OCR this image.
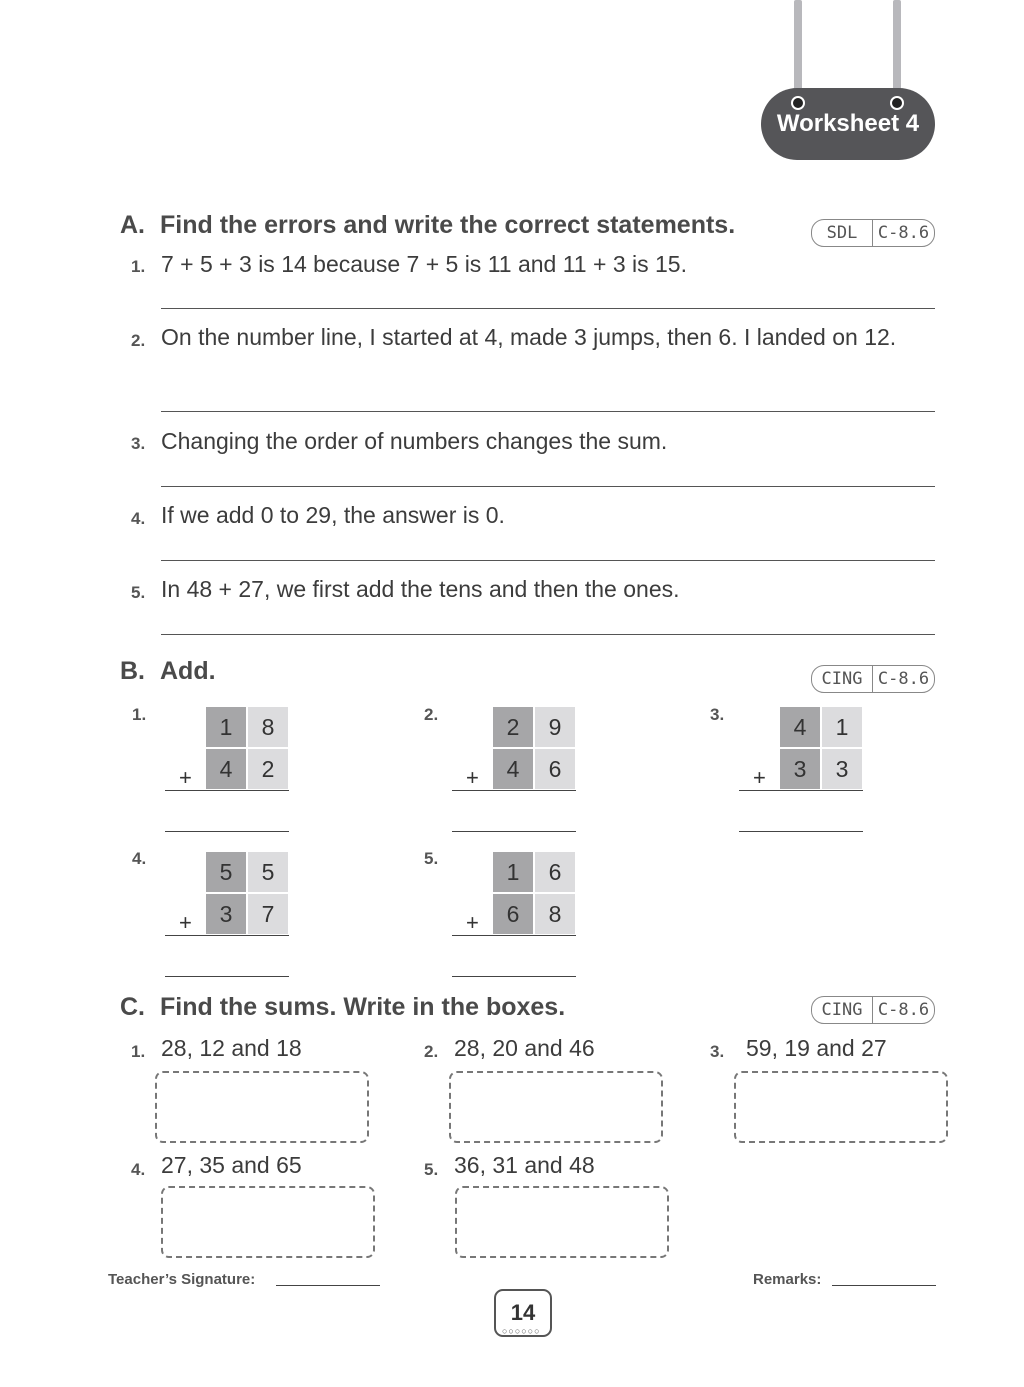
Worksheet 4
A. Find the errors and write the correct statements.	SDL	C-8.6
1. 7 + 5 + 3 is 14 because 7 + 5 is 11 and 11 + 3 is 15.
2. On the number line, I started at 4, made 3 jumps, then 6. I landed on 12.
3. Changing the order of numbers changes the sum.
4. If we add 0 to 29, the answer is 0.
5. In 48 + 27, we first add the tens and then the ones.
B. Add.	CING C-8.6
1.	1	8
+	4	2
2.	2	9
+	4	6
3.	4	1
+	3	3
4.	5	5
+	3	7
5.	1	6
+	6	8
C. Find the sums. Write in the boxes.	CING C-8.6
1. 28, 12 and 18	2. 28, 20 and 46	3. 59, 19 and 27
4. 27, 35 and 65	5. 36, 31 and 48
Teacher’s Signature:	Remarks:
14
○○○○○○
